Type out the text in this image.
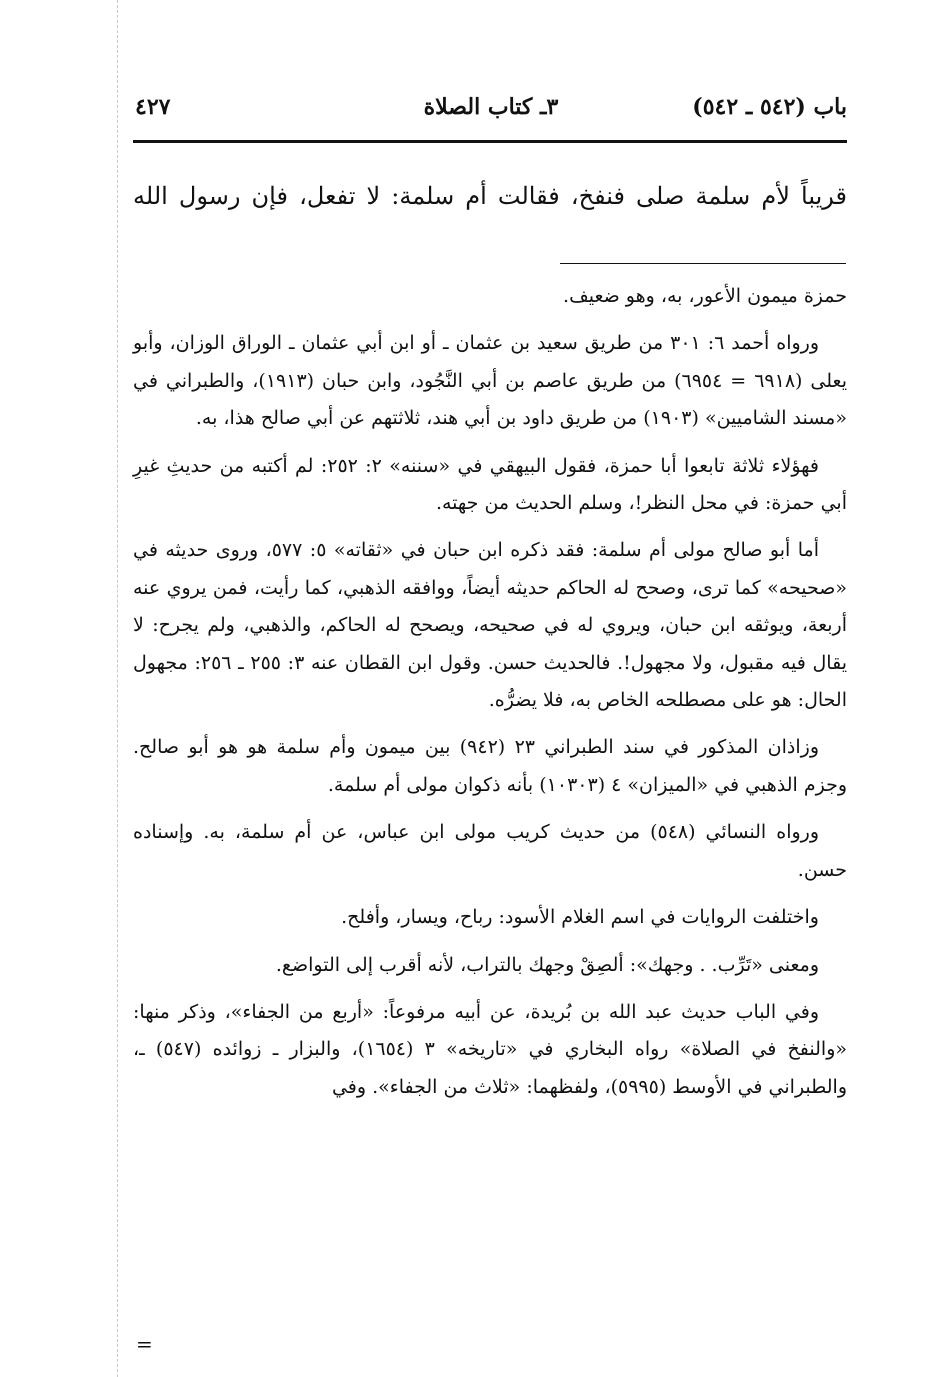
٤٢٧	٣ـ كتاب الصلاة	باب (٥٤٢ ـ ٥٤٢)
قريباً لأم سلمة صلى فنفخ، فقالت أم سلمة: لا تفعل، فإن رسول الله

حمزة ميمون الأعور، به، وهو ضعيف.

ورواه أحمد ٦: ٣٠١ من طريق سعيد بن عثمان ـ أو ابن أبي عثمان ـ الوراق الوزان، وأبو يعلى (٦٩١٨ = ٦٩٥٤) من طريق عاصم بن أبي النَّجُود، وابن حبان (١٩١٣)، والطبراني في «مسند الشاميين» (١٩٠٣) من طريق داود بن أبي هند، ثلاثتهم عن أبي صالح هذا، به.

فهؤلاء ثلاثة تابعوا أبا حمزة، فقول البيهقي في «سننه» ٢: ٢٥٢: لم أكتبه من حديثِ غيرِ أبي حمزة: في محل النظر!، وسلم الحديث من جهته.

أما أبو صالح مولى أم سلمة: فقد ذكره ابن حبان في «ثقاته» ٥: ٥٧٧، وروى حديثه في «صحيحه» كما ترى، وصحح له الحاكم حديثه أيضاً، ووافقه الذهبي، كما رأيت، فمن يروي عنه أربعة، ويوثقه ابن حبان، ويروي له في صحيحه، ويصحح له الحاكم، والذهبي، ولم يجرح: لا يقال فيه مقبول، ولا مجهول!. فالحديث حسن. وقول ابن القطان عنه ٣: ٢٥٥ ـ ٢٥٦: مجهول الحال: هو على مصطلحه الخاص به، فلا يضرُّه.

وزاذان المذكور في سند الطبراني ٢٣ (٩٤٢) بين ميمون وأم سلمة هو هو أبو صالح. وجزم الذهبي في «الميزان» ٤ (١٠٣٠٣) بأنه ذكوان مولى أم سلمة.

ورواه النسائي (٥٤٨) من حديث كريب مولى ابن عباس، عن أم سلمة، به. وإسناده حسن.

واختلفت الروايات في اسم الغلام الأسود: رباح، ويسار، وأفلح.

ومعنى «تَرِّب. . وجهك»: ألصِقْ وجهك بالتراب، لأنه أقرب إلى التواضع.

وفي الباب حديث عبد الله بن بُريدة، عن أبيه مرفوعاً: «أربع من الجفاء»، وذكر منها: «والنفخ في الصلاة» رواه البخاري في «تاريخه» ٣ (١٦٥٤)، والبزار ـ زوائده (٥٤٧) ـ، والطبراني في الأوسط (٥٩٩٥)، ولفظهما: «ثلاث من الجفاء». وفي

=
